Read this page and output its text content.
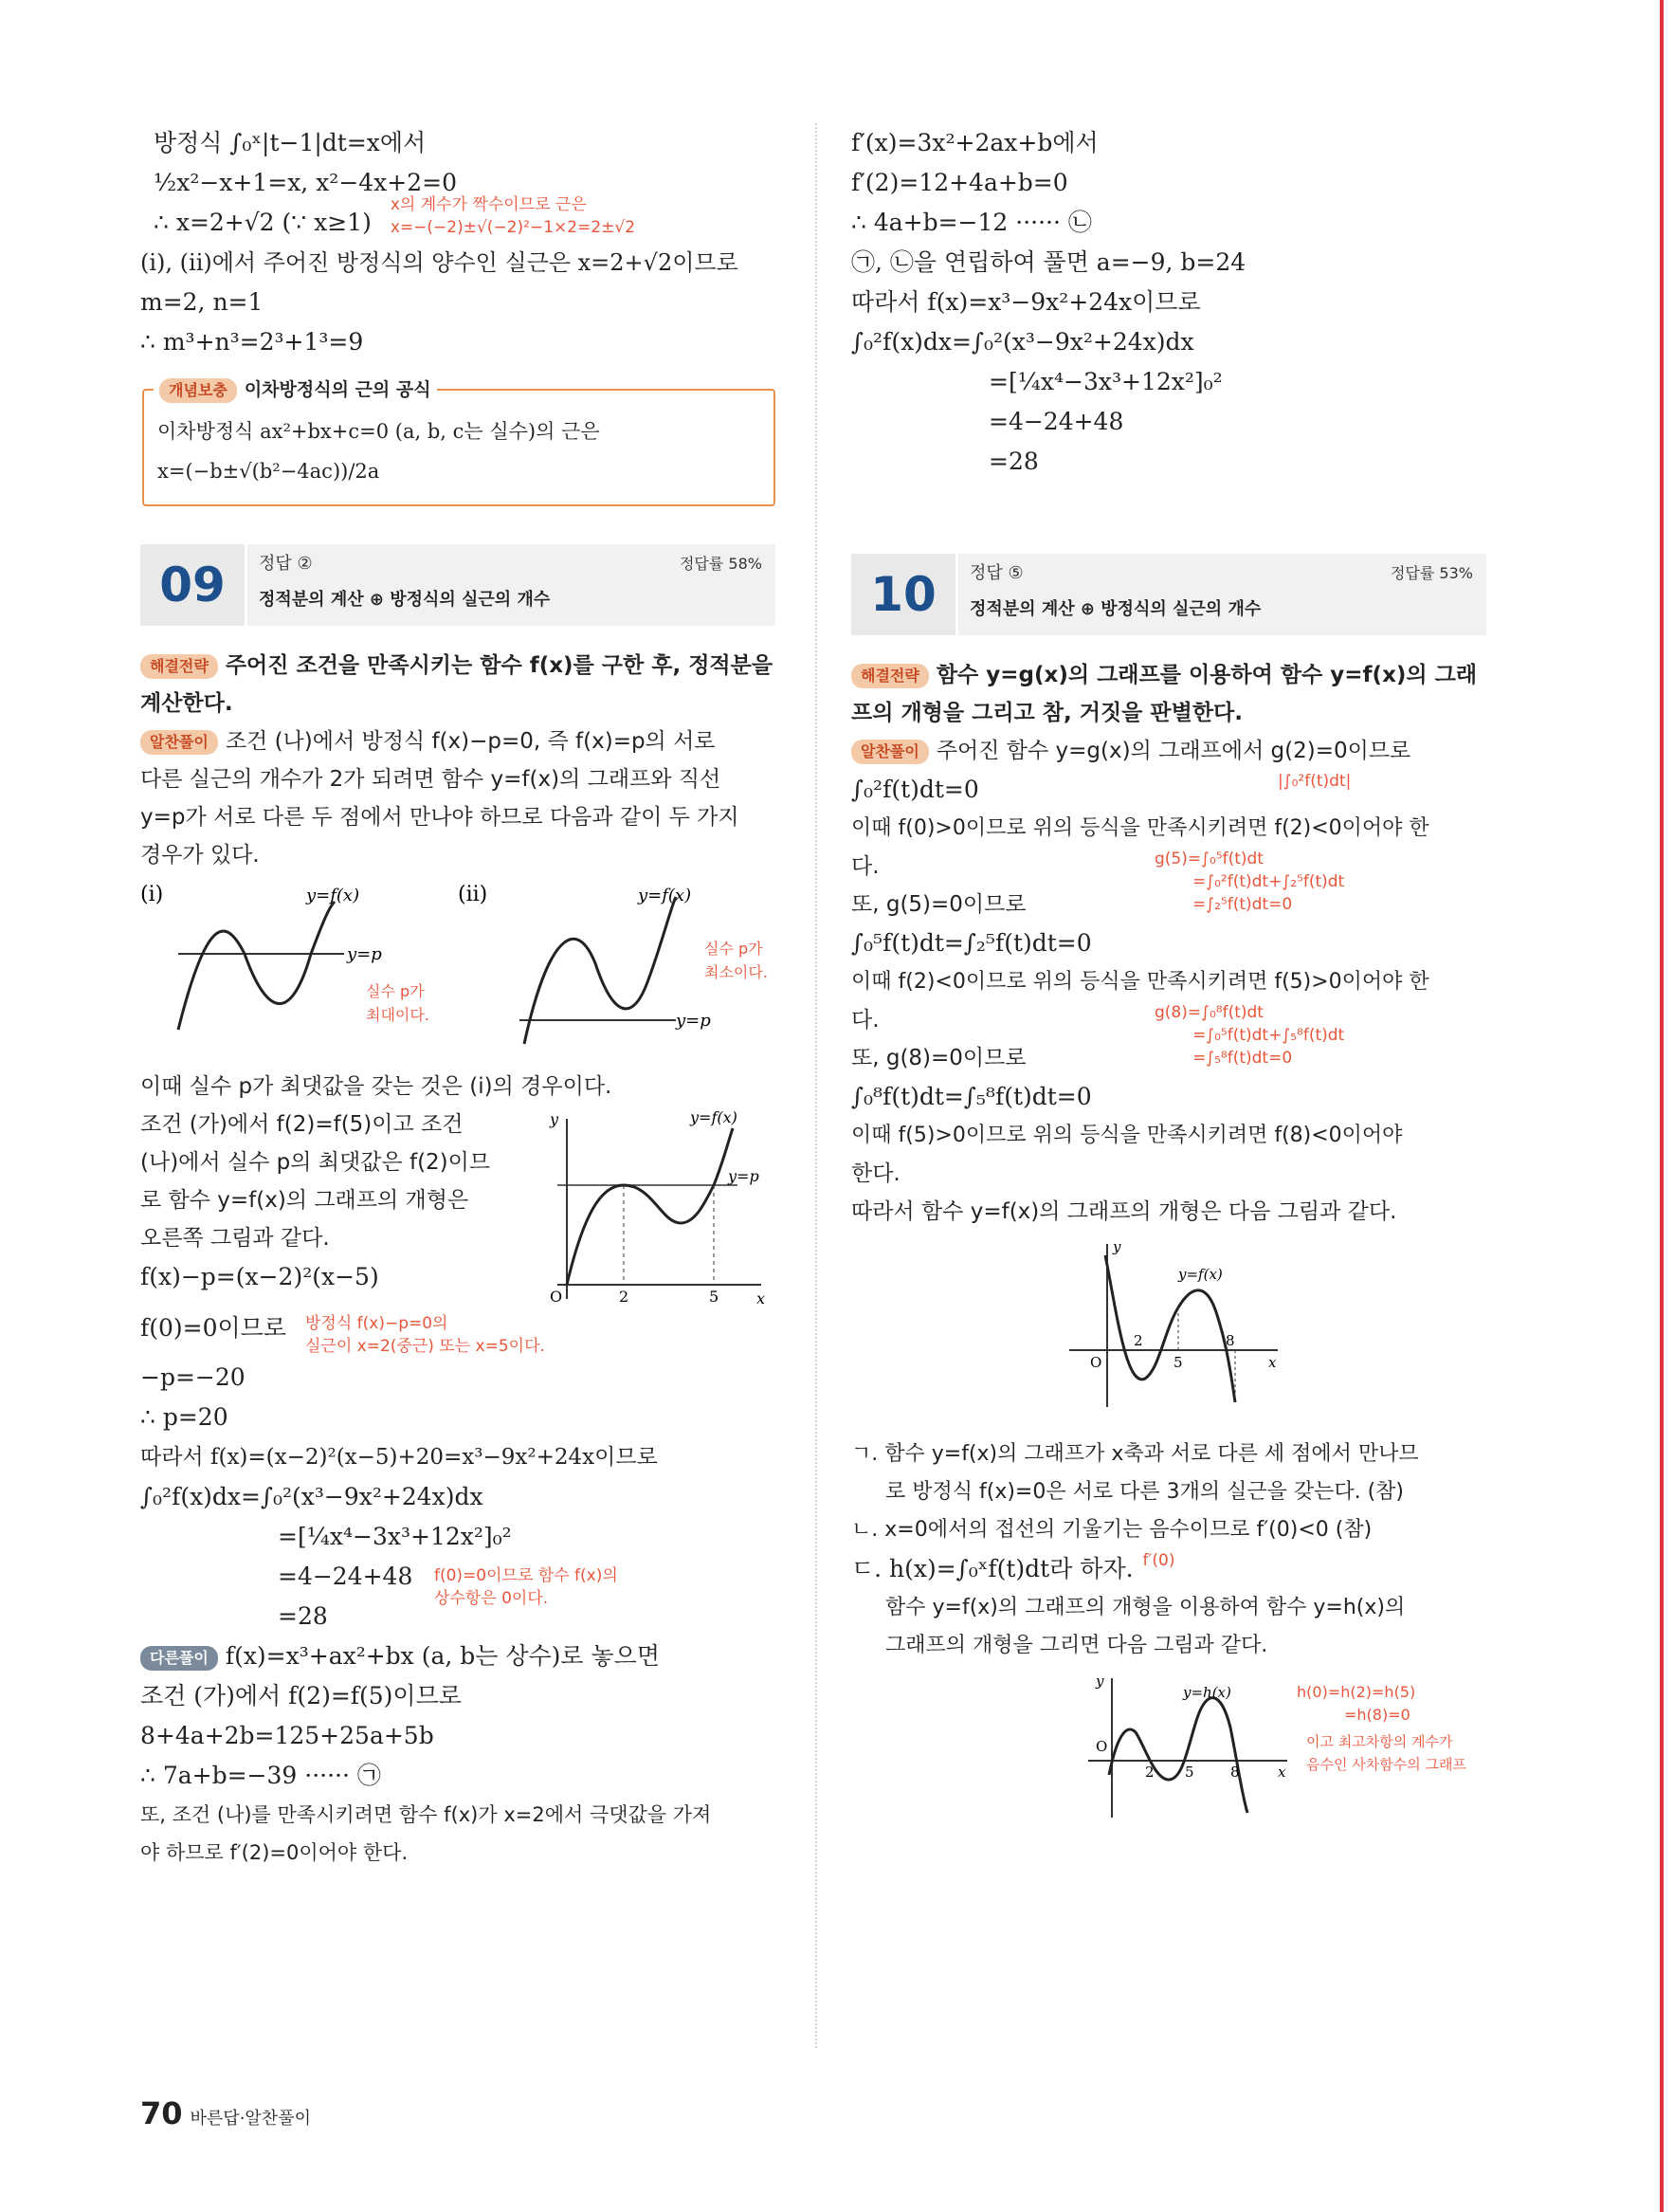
방정식 ∫₀ˣ|t−1|dt=x에서
½x²−x+1=x, x²−4x+2=0
∴ x=2+√2 (∵ x≥1)
x의 계수가 짝수이므로 근은
x=−(−2)±√(−2)²−1×2=2±√2
(i), (ii)에서 주어진 방정식의 양수인 실근은 x=2+√2이므로
m=2, n=1
∴ m³+n³=2³+1³=9
개념보충 이차방정식의 근의 공식
이차방정식 ax²+bx+c=0 (a, b, c는 실수)의 근은
x=(−b±√(b²−4ac))/2a
09	정답 ②	정답률 58%
정적분의 계산 ⊕ 방정식의 실근의 개수
해결전략 주어진 조건을 만족시키는 함수 f(x)를 구한 후, 정적분을 계산한다.
알찬풀이 조건 (나)에서 방정식 f(x)−p=0, 즉 f(x)=p의 서로
다른 실근의 개수가 2가 되려면 함수 y=f(x)의 그래프와 직선
y=p가 서로 다른 두 점에서 만나야 하므로 다음과 같이 두 가지
경우가 있다.
(i)	(ii)
y=f(x)	y=f(x)
y=p
실수 p가
최대이다.	y=p
실수 p가
최소이다.
이때 실수 p가 최댓값을 갖는 것은 (i)의 경우이다.
조건 (가)에서 f(2)=f(5)이고 조건
(나)에서 실수 p의 최댓값은 f(2)이므
로 함수 y=f(x)의 그래프의 개형은
오른쪽 그림과 같다.
f(x)−p=(x−2)²(x−5)
y
x
O
y=p
y=f(x)
2	5
f(0)=0이므로 방정식 f(x)−p=0의
실근이 x=2(중근) 또는 x=5이다.
−p=−20
∴ p=20
따라서 f(x)=(x−2)²(x−5)+20=x³−9x²+24x이므로
∫₀²f(x)dx=∫₀²(x³−9x²+24x)dx
=[¼x⁴−3x³+12x²]₀²
=4−24+48
=28
f(0)=0이므로 함수 f(x)의
상수항은 0이다.
다른풀이 f(x)=x³+ax²+bx (a, b는 상수)로 놓으면
조건 (가)에서 f(2)=f(5)이므로
8+4a+2b=125+25a+5b
∴ 7a+b=−39 ······ ㉠
또, 조건 (나)를 만족시키려면 함수 f(x)가 x=2에서 극댓값을 가져
야 하므로 f′(2)=0이어야 한다.
f′(x)=3x²+2ax+b에서
f′(2)=12+4a+b=0
∴ 4a+b=−12 ······ ㉡
㉠, ㉡을 연립하여 풀면 a=−9, b=24
따라서 f(x)=x³−9x²+24x이므로
∫₀²f(x)dx=∫₀²(x³−9x²+24x)dx
=[¼x⁴−3x³+12x²]₀²
=4−24+48
=28
10	정답 ⑤	정답률 53%
정적분의 계산 ⊕ 방정식의 실근의 개수
해결전략 함수 y=g(x)의 그래프를 이용하여 함수 y=f(x)의 그래프의 개형을 그리고 참, 거짓을 판별한다.
알찬풀이 주어진 함수 y=g(x)의 그래프에서 g(2)=0이므로
∫₀²f(t)dt=0	|∫₀²f(t)dt|
이때 f(0)>0이므로 위의 등식을 만족시키려면 f(2)<0이어야 한
다.
또, g(5)=0이므로
∫₀⁵f(t)dt=∫₂⁵f(t)dt=0
g(5)=∫₀⁵f(t)dt
=∫₀²f(t)dt+∫₂⁵f(t)dt
=∫₂⁵f(t)dt=0
이때 f(2)<0이므로 위의 등식을 만족시키려면 f(5)>0이어야 한
다.
또, g(8)=0이므로
∫₀⁸f(t)dt=∫₅⁸f(t)dt=0
g(8)=∫₀⁸f(t)dt
=∫₀⁵f(t)dt+∫₅⁸f(t)dt
=∫₅⁸f(t)dt=0
이때 f(5)>0이므로 위의 등식을 만족시키려면 f(8)<0이어야
한다.
따라서 함수 y=f(x)의 그래프의 개형은 다음 그림과 같다.
y
x
O
y=f(x)
2
5
8
ㄱ. 함수 y=f(x)의 그래프가 x축과 서로 다른 세 점에서 만나므
로 방정식 f(x)=0은 서로 다른 3개의 실근을 갖는다. (참)
ㄴ. x=0에서의 접선의 기울기는 음수이므로 f′(0)<0 (참)
ㄷ. h(x)=∫₀ˣf(t)dt라 하자. f′(0)
함수 y=f(x)의 그래프의 개형을 이용하여 함수 y=h(x)의
그래프의 개형을 그리면 다음 그림과 같다.
y
x
O
y=h(x)
2 5	8
h(0)=h(2)=h(5)
=h(8)=0
이고 최고차항의 계수가
음수인 사차함수의 그래프
70 바른답·알찬풀이
